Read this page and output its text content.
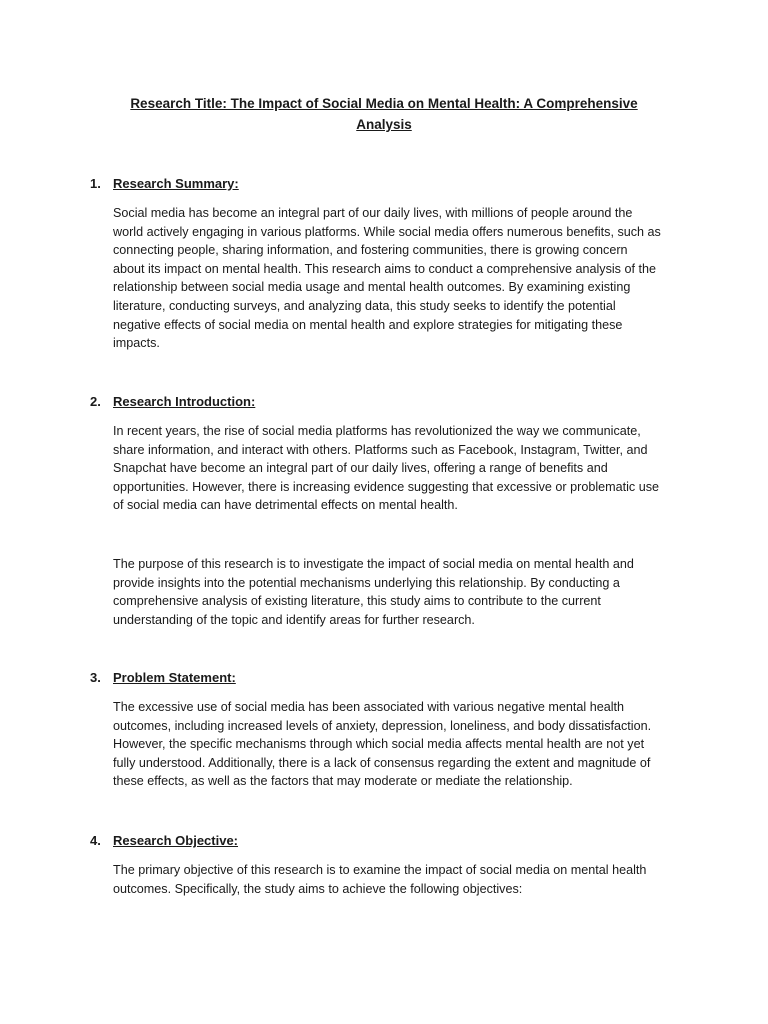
Research Title: The Impact of Social Media on Mental Health: A Comprehensive Analysis
1. Research Summary:

Social media has become an integral part of our daily lives, with millions of people around the world actively engaging in various platforms. While social media offers numerous benefits, such as connecting people, sharing information, and fostering communities, there is growing concern about its impact on mental health. This research aims to conduct a comprehensive analysis of the relationship between social media usage and mental health outcomes. By examining existing literature, conducting surveys, and analyzing data, this study seeks to identify the potential negative effects of social media on mental health and explore strategies for mitigating these impacts.

2. Research Introduction:

In recent years, the rise of social media platforms has revolutionized the way we communicate, share information, and interact with others. Platforms such as Facebook, Instagram, Twitter, and Snapchat have become an integral part of our daily lives, offering a range of benefits and opportunities. However, there is increasing evidence suggesting that excessive or problematic use of social media can have detrimental effects on mental health.

The purpose of this research is to investigate the impact of social media on mental health and provide insights into the potential mechanisms underlying this relationship. By conducting a comprehensive analysis of existing literature, this study aims to contribute to the current understanding of the topic and identify areas for further research.

3. Problem Statement:

The excessive use of social media has been associated with various negative mental health outcomes, including increased levels of anxiety, depression, loneliness, and body dissatisfaction. However, the specific mechanisms through which social media affects mental health are not yet fully understood. Additionally, there is a lack of consensus regarding the extent and magnitude of these effects, as well as the factors that may moderate or mediate the relationship.

4. Research Objective:

The primary objective of this research is to examine the impact of social media on mental health outcomes. Specifically, the study aims to achieve the following objectives:
